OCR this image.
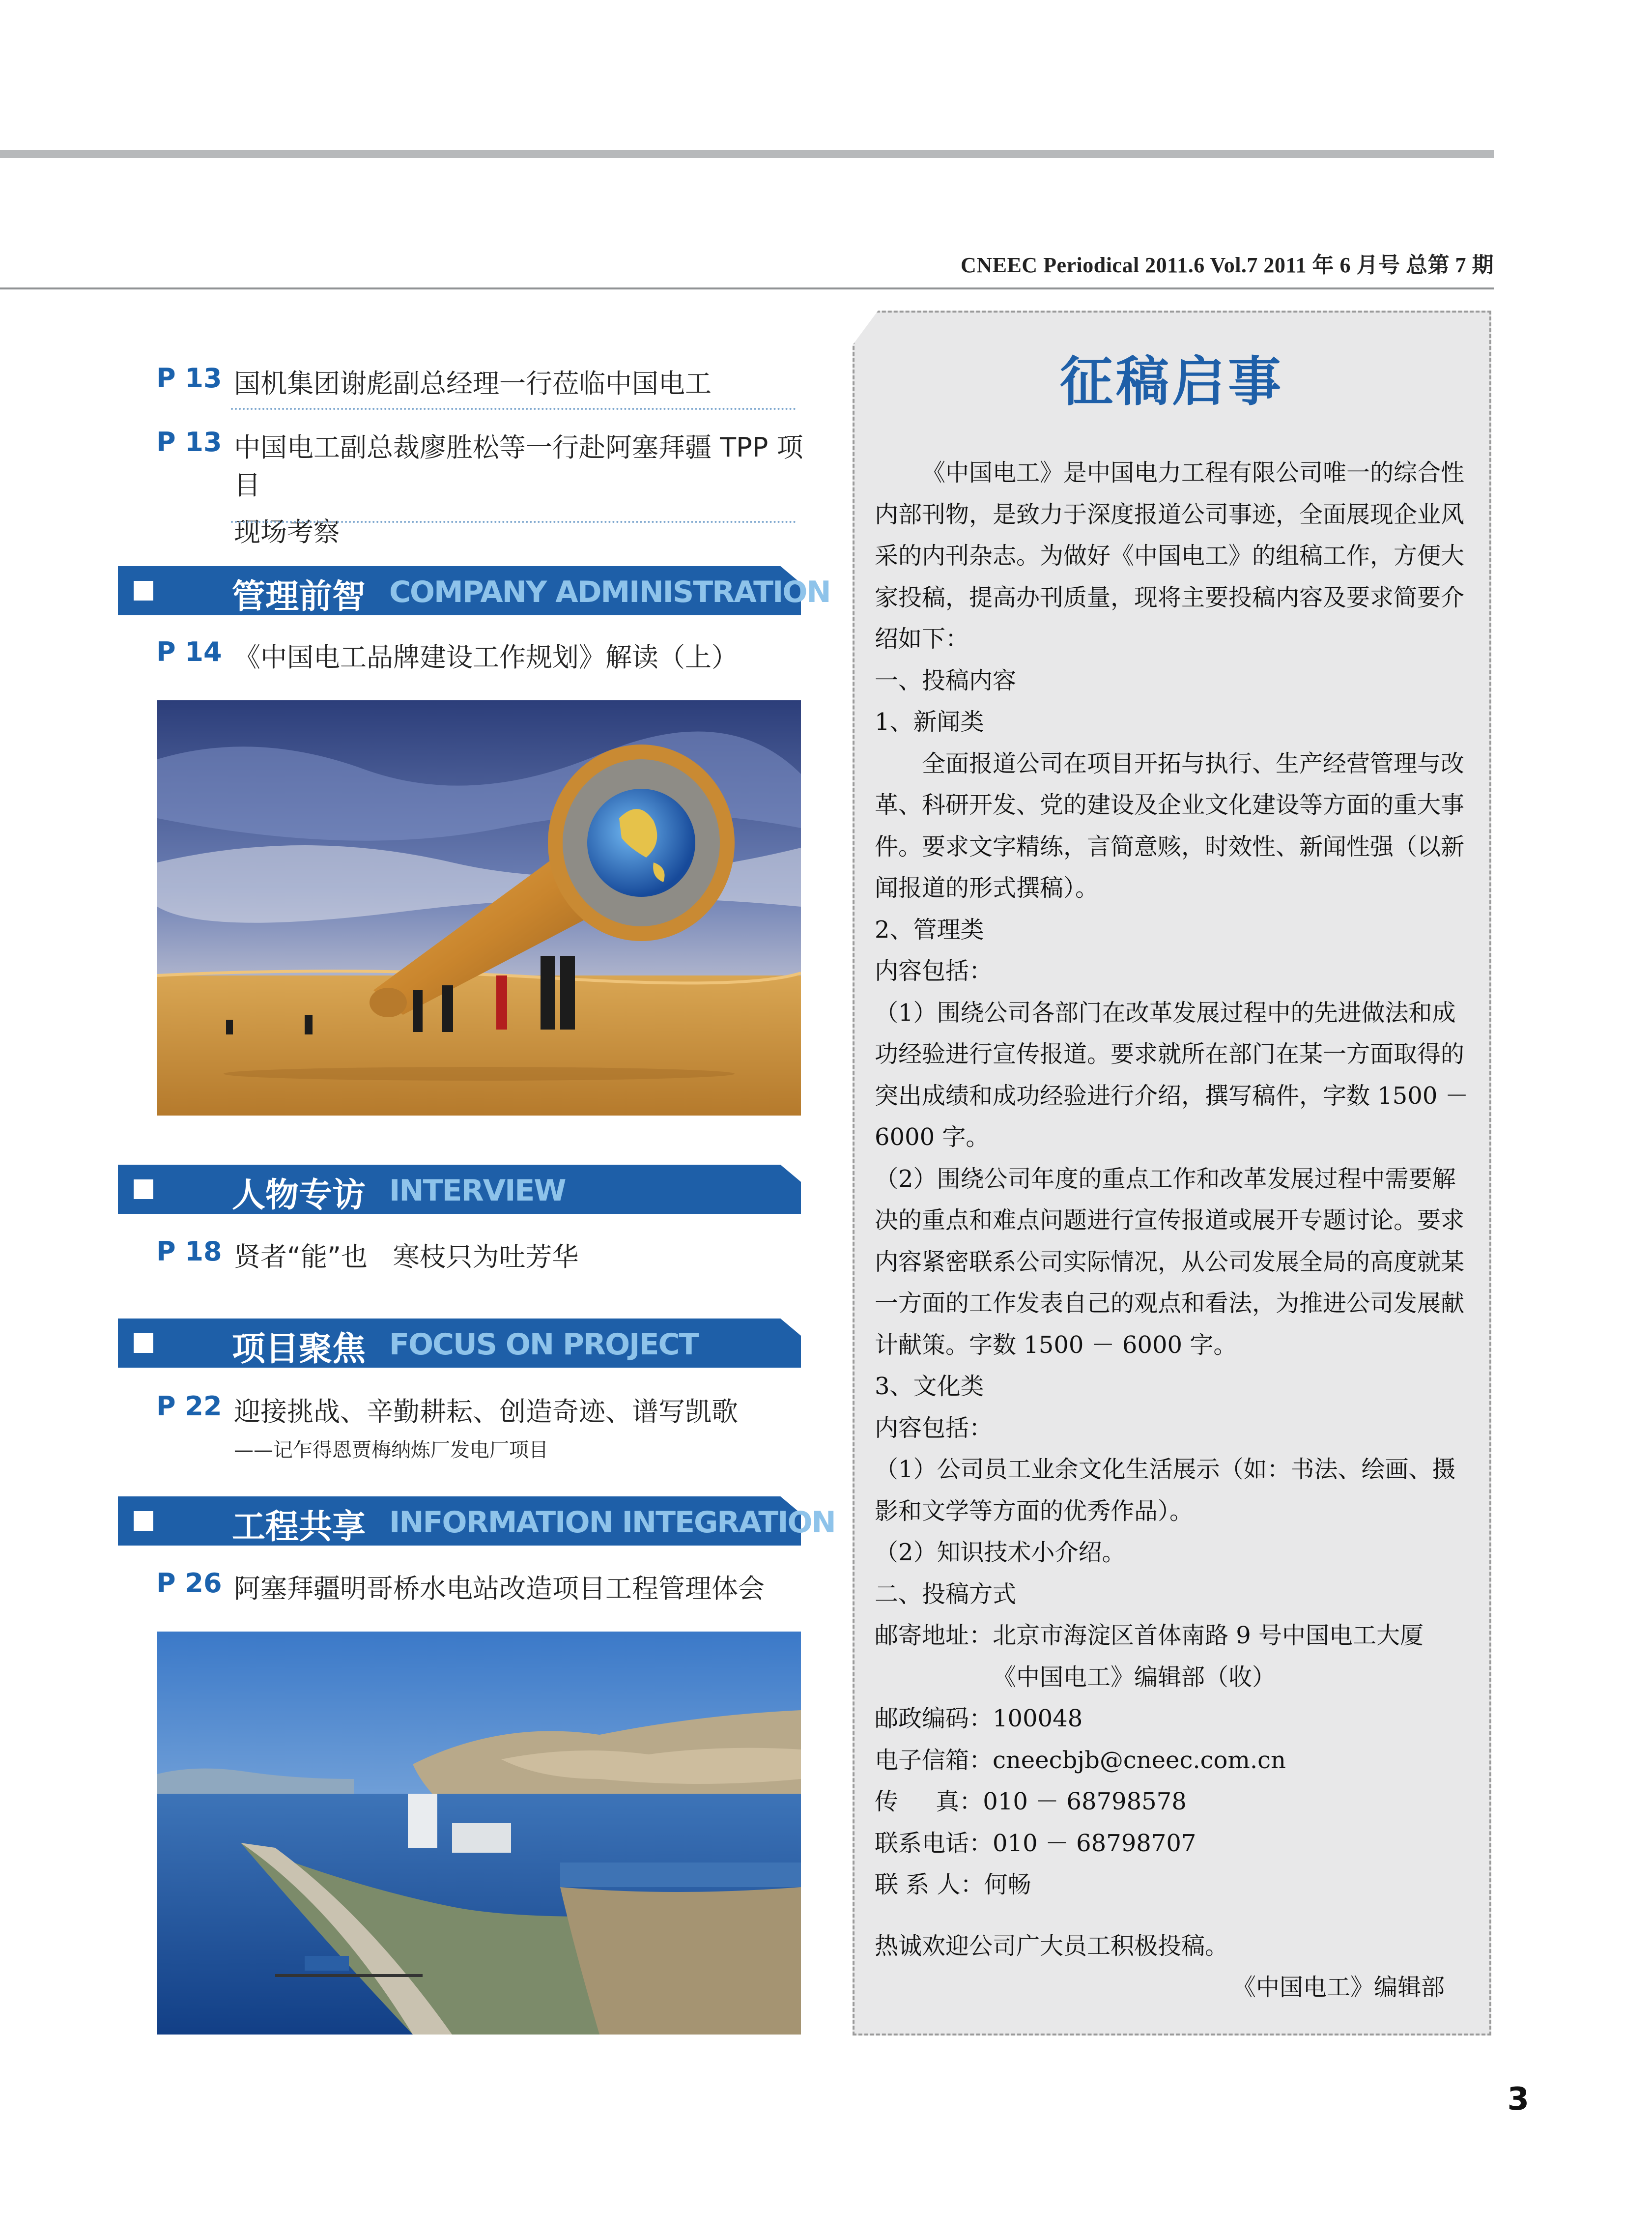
CNEEC Periodical 2011.6 Vol.7 2011 年 6 月号 总第 7 期
P 13 国机集团谢彪副总经理一行莅临中国电工
P 13 中国电工副总裁廖胜松等一行赴阿塞拜疆 TPP 项目
现场考察
管理前智 COMPANY ADMINISTRATION
P 14 《中国电工品牌建设工作规划》解读（上）
人物专访 INTERVIEW
P 18 贤者“能”也   寒枝只为吐芳华
项目聚焦 FOCUS ON PROJECT
P 22 迎接挑战、辛勤耕耘、创造奇迹、谱写凯歌
——记乍得恩贾梅纳炼厂发电厂项目
工程共享 INFORMATION INTEGRATION
P 26 阿塞拜疆明哥桥水电站改造项目工程管理体会
征稿启事

《中国电工》是中国电力工程有限公司唯一的综合性内部刊物，是致力于深度报道公司事迹，全面展现企业风采的内刊杂志。为做好《中国电工》的组稿工作，方便大家投稿，提高办刊质量，现将主要投稿内容及要求简要介绍如下：

一、投稿内容

1、新闻类

全面报道公司在项目开拓与执行、生产经营管理与改革、科研开发、党的建设及企业文化建设等方面的重大事件。要求文字精练，言简意赅，时效性、新闻性强（以新闻报道的形式撰稿）。

2、管理类

内容包括：

（1）围绕公司各部门在改革发展过程中的先进做法和成功经验进行宣传报道。要求就所在部门在某一方面取得的突出成绩和成功经验进行介绍，撰写稿件，字数 1500 － 6000 字。

（2）围绕公司年度的重点工作和改革发展过程中需要解决的重点和难点问题进行宣传报道或展开专题讨论。要求内容紧密联系公司实际情况，从公司发展全局的高度就某一方面的工作发表自己的观点和看法，为推进公司发展献计献策。字数 1500 － 6000 字。

3、文化类

内容包括：

（1）公司员工业余文化生活展示（如：书法、绘画、摄影和文学等方面的优秀作品）。

（2）知识技术小介绍。

二、投稿方式

邮寄地址：北京市海淀区首体南路 9 号中国电工大厦

《中国电工》编辑部（收）

邮政编码：100048

电子信箱：cneecbjb@cneec.com.cn

传     真：010 － 68798578

联系电话：010 － 68798707

联 系 人：何畅

热诚欢迎公司广大员工积极投稿。

《中国电工》编辑部

3
